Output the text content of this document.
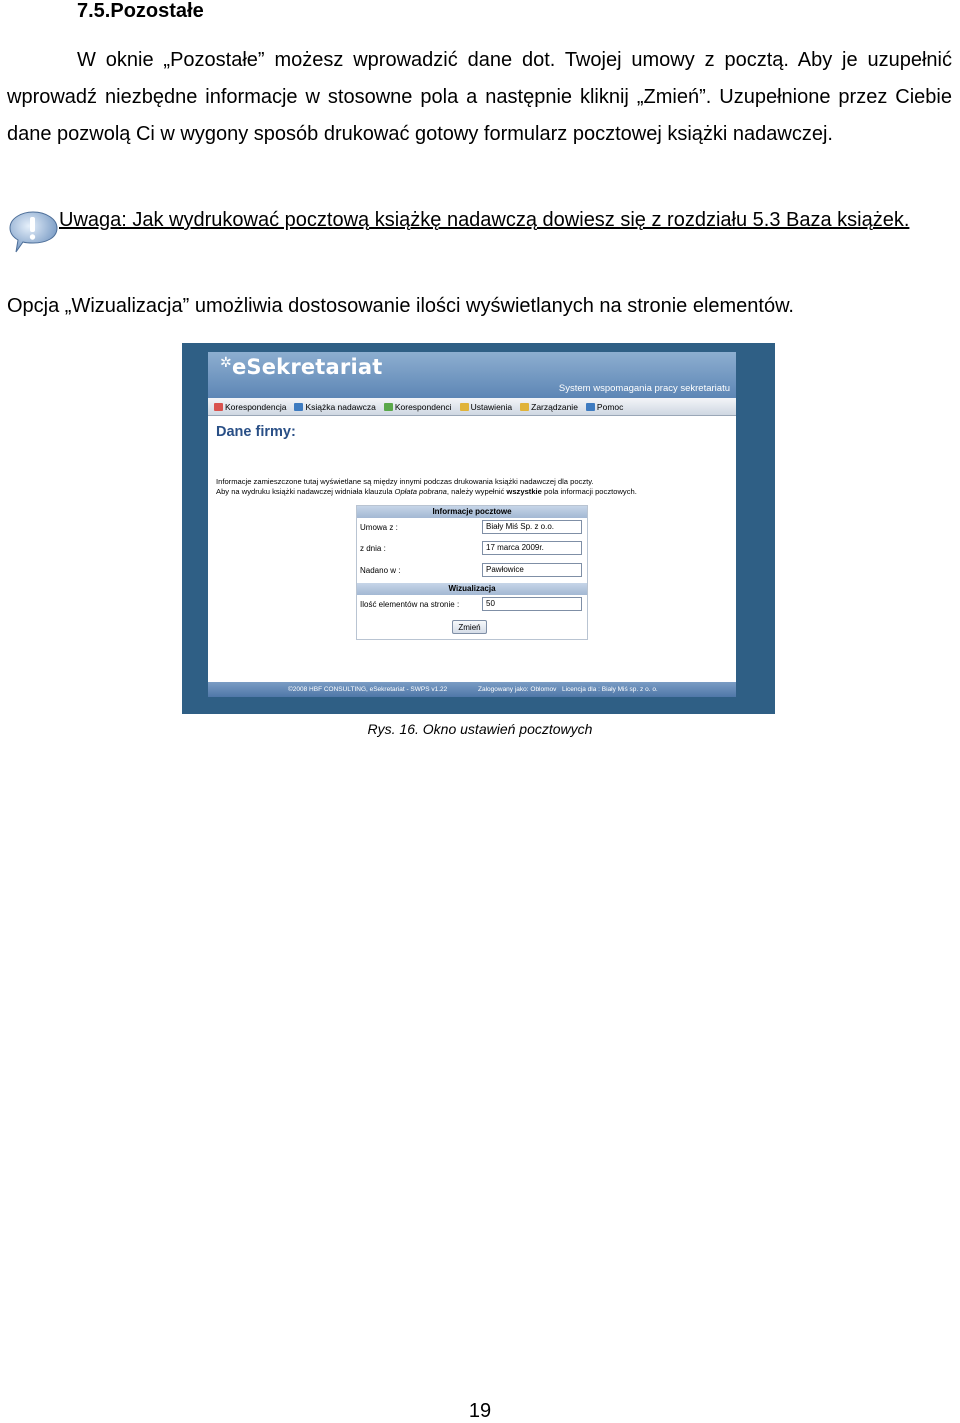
7.5.Pozostałe
W oknie „Pozostałe” możesz wprowadzić dane dot. Twojej umowy z pocztą. Aby je uzupełnić wprowadź niezbędne informacje w stosowne pola a następnie kliknij „Zmień”. Uzupełnione przez Ciebie dane pozwolą Ci w wygony sposób drukować gotowy formularz pocztowej książki nadawczej.
Uwaga: Jak wydrukować pocztową książkę nadawczą dowiesz się z rozdziału 5.3 Baza książek.
Opcja „Wizualizacja” umożliwia dostosowanie ilości wyświetlanych na stronie elementów.
✲eSekretariat
System wspomagania pracy sekretariatu
Korespondencja Książka nadawcza Korespondenci Ustawienia Zarządzanie Pomoc
Dane firmy:
Informacje zamieszczone tutaj wyświetlane są między innymi podczas drukowania książki nadawczej dla poczty.
Aby na wydruku książki nadawczej widniała klauzula Opłata pobrana, należy wypełnić wszystkie pola informacji pocztowych.
Informacje pocztowe
Umowa z :
Biały Miś Sp. z o.o.
z dnia :
17 marca 2009r.
Nadano w :
Pawłowice
Wizualizacja
Ilość elementów na stronie :
50
Zmień
©2008 HBF CONSULTING, eSekretariat - SWPS v1.22	Zalogowany jako: Oblomov Licencja dla : Biały Miś sp. z o. o.
Rys. 16. Okno ustawień pocztowych
19
